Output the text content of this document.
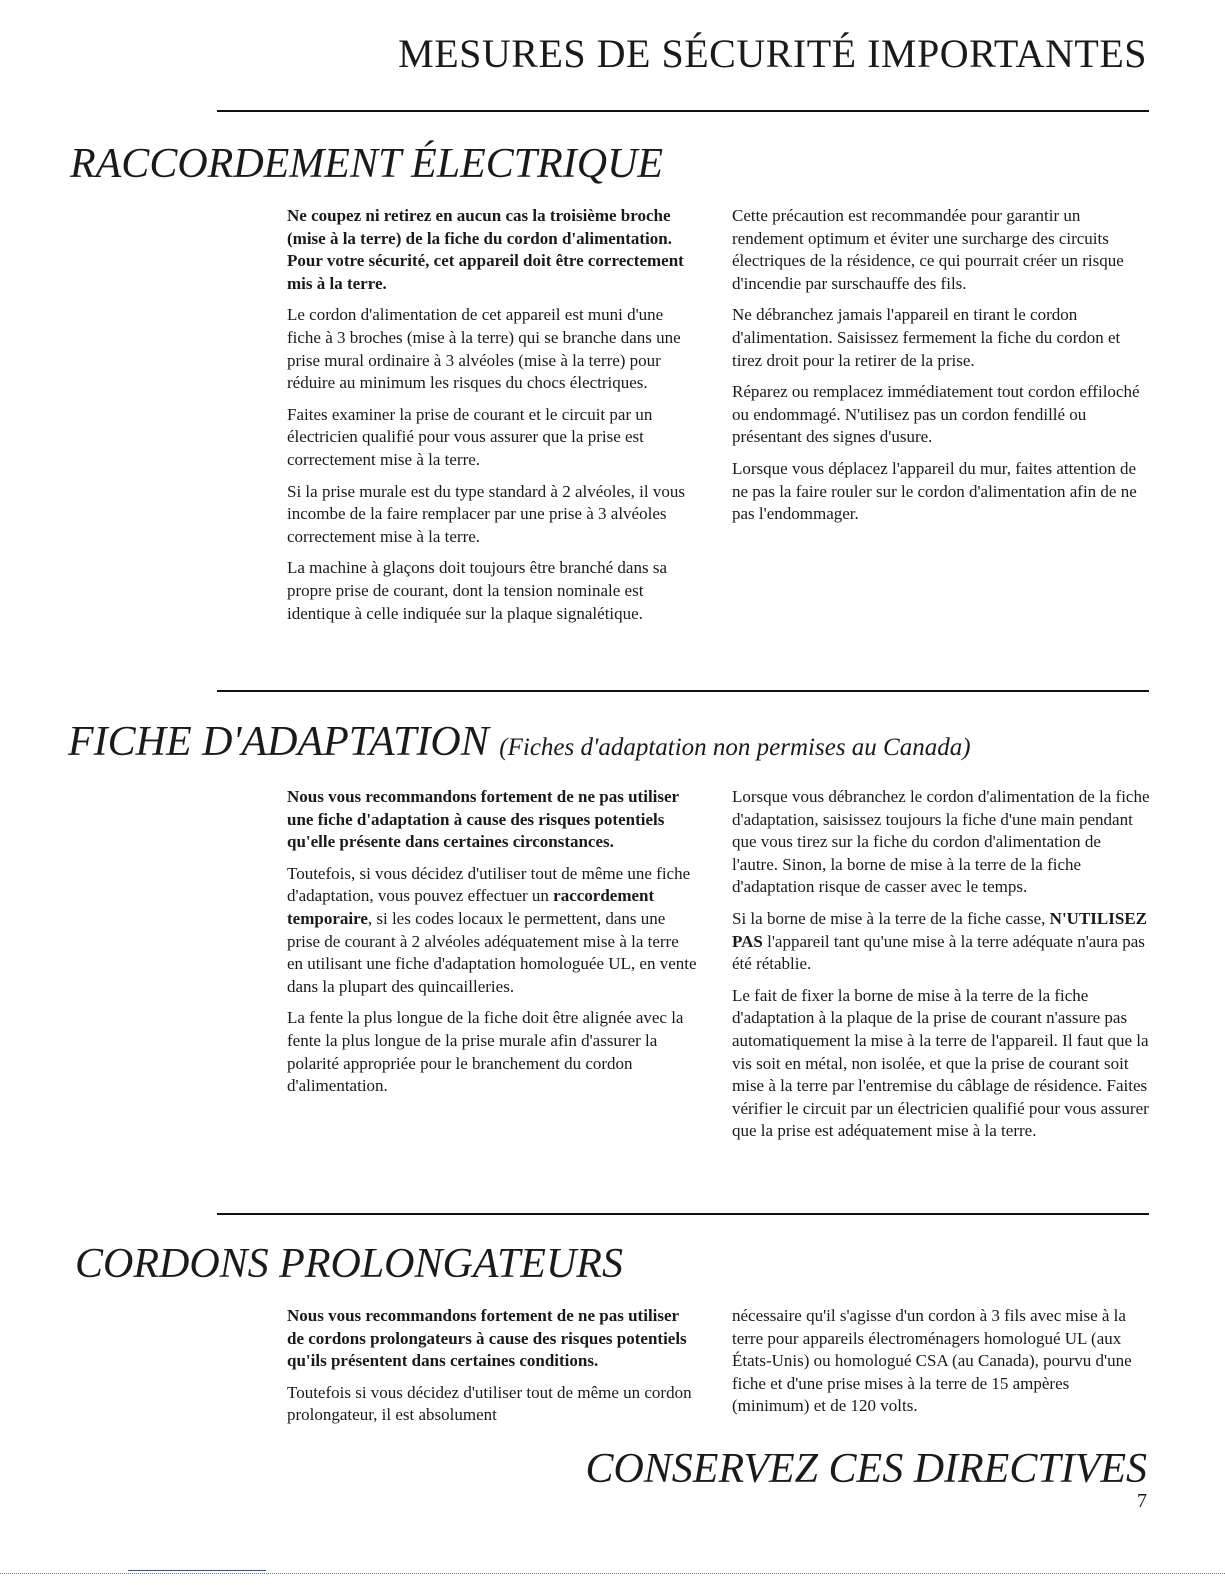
MESURES DE SÉCURITÉ IMPORTANTES
RACCORDEMENT ÉLECTRIQUE

Ne coupez ni retirez en aucun cas la troisième broche (mise à la terre) de la fiche du cordon d'alimentation. Pour votre sécurité, cet appareil doit être correctement mis à la terre.

Le cordon d'alimentation de cet appareil est muni d'une fiche à 3 broches (mise à la terre) qui se branche dans une prise mural ordinaire à 3 alvéoles (mise à la terre) pour réduire au minimum les risques du chocs électriques.

Faites examiner la prise de courant et le circuit par un électricien qualifié pour vous assurer que la prise est correctement mise à la terre.

Si la prise murale est du type standard à 2 alvéoles, il vous incombe de la faire remplacer par une prise à 3 alvéoles correctement mise à la terre.

La machine à glaçons doit toujours être branché dans sa propre prise de courant, dont la tension nominale est identique à celle indiquée sur la plaque signalétique.

Cette précaution est recommandée pour garantir un rendement optimum et éviter une surcharge des circuits électriques de la résidence, ce qui pourrait créer un risque d'incendie par surschauffe des fils.

Ne débranchez jamais l'appareil en tirant le cordon d'alimentation. Saisissez fermement la fiche du cordon et tirez droit pour la retirer de la prise.

Réparez ou remplacez immédiatement tout cordon effiloché ou endommagé. N'utilisez pas un cordon fendillé ou présentant des signes d'usure.

Lorsque vous déplacez l'appareil du mur, faites attention de ne pas la faire rouler sur le cordon d'alimentation afin de ne pas l'endommager.

FICHE D'ADAPTATION (Fiches d'adaptation non permises au Canada)

Nous vous recommandons fortement de ne pas utiliser une fiche d'adaptation à cause des risques potentiels qu'elle présente dans certaines circonstances.

Toutefois, si vous décidez d'utiliser tout de même une fiche d'adaptation, vous pouvez effectuer un raccordement temporaire, si les codes locaux le permettent, dans une prise de courant à 2 alvéoles adéquatement mise à la terre en utilisant une fiche d'adaptation homologuée UL, en vente dans la plupart des quincailleries.

La fente la plus longue de la fiche doit être alignée avec la fente la plus longue de la prise murale afin d'assurer la polarité appropriée pour le branchement du cordon d'alimentation.

Lorsque vous débranchez le cordon d'alimentation de la fiche d'adaptation, saisissez toujours la fiche d'une main pendant que vous tirez sur la fiche du cordon d'alimentation de l'autre. Sinon, la borne de mise à la terre de la fiche d'adaptation risque de casser avec le temps.

Si la borne de mise à la terre de la fiche casse, N'UTILISEZ PAS l'appareil tant qu'une mise à la terre adéquate n'aura pas été rétablie.

Le fait de fixer la borne de mise à la terre de la fiche d'adaptation à la plaque de la prise de courant n'assure pas automatiquement la mise à la terre de l'appareil. Il faut que la vis soit en métal, non isolée, et que la prise de courant soit mise à la terre par l'entremise du câblage de résidence. Faites vérifier le circuit par un électricien qualifié pour vous assurer que la prise est adéquatement mise à la terre.

CORDONS PROLONGATEURS

Nous vous recommandons fortement de ne pas utiliser de cordons prolongateurs à cause des risques potentiels qu'ils présentent dans certaines conditions.

Toutefois si vous décidez d'utiliser tout de même un cordon prolongateur, il est absolument

nécessaire qu'il s'agisse d'un cordon à 3 fils avec mise à la terre pour appareils électroménagers homologué UL (aux États-Unis) ou homologué CSA (au Canada), pourvu d'une fiche et d'une prise mises à la terre de 15 ampères (minimum) et de 120 volts.

CONSERVEZ CES DIRECTIVES
7
